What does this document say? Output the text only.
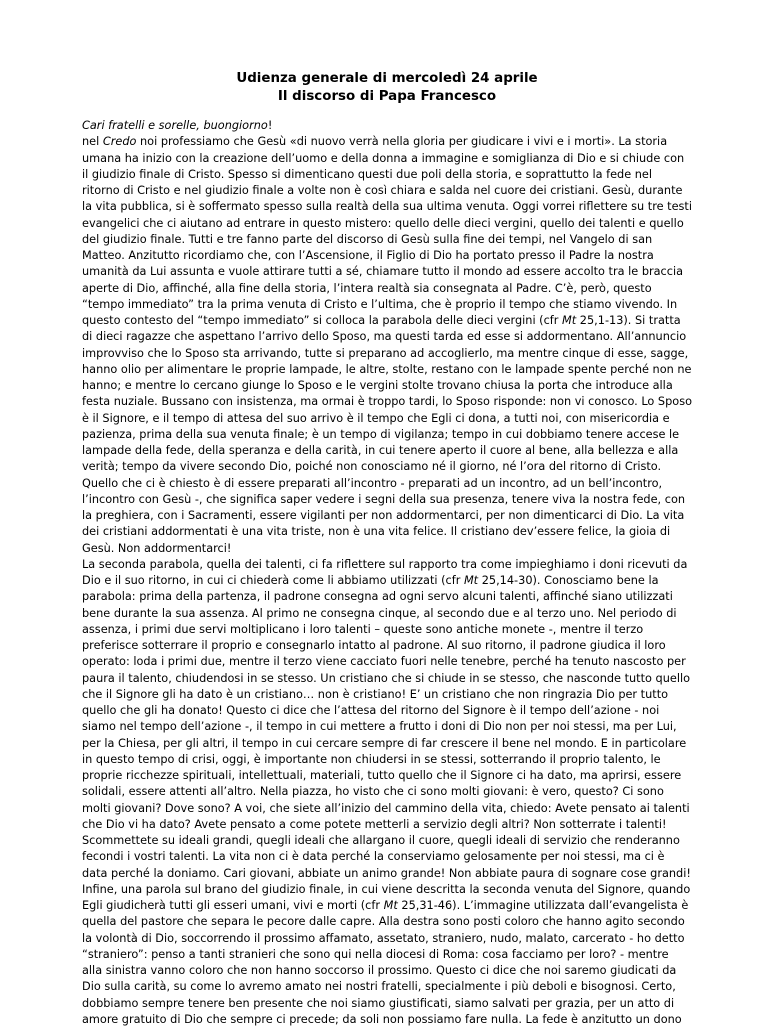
Udienza generale di mercoledì 24 aprile
Il discorso di Papa Francesco

Cari fratelli e sorelle, buongiorno!

nel Credo noi professiamo che Gesù «di nuovo verrà nella gloria per giudicare i vivi e i morti». La storia umana ha inizio con la creazione dell’uomo e della donna a immagine e somiglianza di Dio e si chiude con il giudizio finale di Cristo. Spesso si dimenticano questi due poli della storia, e soprattutto la fede nel ritorno di Cristo e nel giudizio finale a volte non è così chiara e salda nel cuore dei cristiani. Gesù, durante la vita pubblica, si è soffermato spesso sulla realtà della sua ultima venuta. Oggi vorrei riflettere su tre testi evangelici che ci aiutano ad entrare in questo mistero: quello delle dieci vergini, quello dei talenti e quello del giudizio finale. Tutti e tre fanno parte del discorso di Gesù sulla fine dei tempi, nel Vangelo di san Matteo. Anzitutto ricordiamo che, con l’Ascensione, il Figlio di Dio ha portato presso il Padre la nostra umanità da Lui assunta e vuole attirare tutti a sé, chiamare tutto il mondo ad essere accolto tra le braccia aperte di Dio, affinché, alla fine della storia, l’intera realtà sia consegnata al Padre. C’è, però, questo “tempo immediato” tra la prima venuta di Cristo e l’ultima, che è proprio il tempo che stiamo vivendo. In questo contesto del “tempo immediato” si colloca la parabola delle dieci vergini (cfr Mt 25,1-13). Si tratta di dieci ragazze che aspettano l’arrivo dello Sposo, ma questi tarda ed esse si addormentano. All’annuncio improvviso che lo Sposo sta arrivando, tutte si preparano ad accoglierlo, ma mentre cinque di esse, sagge, hanno olio per alimentare le proprie lampade, le altre, stolte, restano con le lampade spente perché non ne hanno; e mentre lo cercano giunge lo Sposo e le vergini stolte trovano chiusa la porta che introduce alla festa nuziale. Bussano con insistenza, ma ormai è troppo tardi, lo Sposo risponde: non vi conosco. Lo Sposo è il Signore, e il tempo di attesa del suo arrivo è il tempo che Egli ci dona, a tutti noi, con misericordia e pazienza, prima della sua venuta finale; è un tempo di vigilanza; tempo in cui dobbiamo tenere accese le lampade della fede, della speranza e della carità, in cui tenere aperto il cuore al bene, alla bellezza e alla verità; tempo da vivere secondo Dio, poiché non conosciamo né il giorno, né l’ora del ritorno di Cristo. Quello che ci è chiesto è di essere preparati all’incontro - preparati ad un incontro, ad un bell’incontro, l’incontro con Gesù -, che significa saper vedere i segni della sua presenza, tenere viva la nostra fede, con la preghiera, con i Sacramenti, essere vigilanti per non addormentarci, per non dimenticarci di Dio. La vita dei cristiani addormentati è una vita triste, non è una vita felice. Il cristiano dev’essere felice, la gioia di Gesù. Non addormentarci!

La seconda parabola, quella dei talenti, ci fa riflettere sul rapporto tra come impieghiamo i doni ricevuti da Dio e il suo ritorno, in cui ci chiederà come li abbiamo utilizzati (cfr Mt 25,14-30). Conosciamo bene la parabola: prima della partenza, il padrone consegna ad ogni servo alcuni talenti, affinché siano utilizzati bene durante la sua assenza. Al primo ne consegna cinque, al secondo due e al terzo uno. Nel periodo di assenza, i primi due servi moltiplicano i loro talenti – queste sono antiche monete -, mentre il terzo preferisce sotterrare il proprio e consegnarlo intatto al padrone. Al suo ritorno, il padrone giudica il loro operato: loda i primi due, mentre il terzo viene cacciato fuori nelle tenebre, perché ha tenuto nascosto per paura il talento, chiudendosi in se stesso. Un cristiano che si chiude in se stesso, che nasconde tutto quello che il Signore gli ha dato è un cristiano… non è cristiano! E’ un cristiano che non ringrazia Dio per tutto quello che gli ha donato! Questo ci dice che l’attesa del ritorno del Signore è il tempo dell’azione - noi siamo nel tempo dell’azione -, il tempo in cui mettere a frutto i doni di Dio non per noi stessi, ma per Lui, per la Chiesa, per gli altri, il tempo in cui cercare sempre di far crescere il bene nel mondo. E in particolare in questo tempo di crisi, oggi, è importante non chiudersi in se stessi, sotterrando il proprio talento, le proprie ricchezze spirituali, intellettuali, materiali, tutto quello che il Signore ci ha dato, ma aprirsi, essere solidali, essere attenti all’altro. Nella piazza, ho visto che ci sono molti giovani: è vero, questo? Ci sono molti giovani? Dove sono? A voi, che siete all’inizio del cammino della vita, chiedo: Avete pensato ai talenti che Dio vi ha dato? Avete pensato a come potete metterli a servizio degli altri? Non sotterrate i talenti! Scommettete su ideali grandi, quegli ideali che allargano il cuore, quegli ideali di servizio che renderanno fecondi i vostri talenti. La vita non ci è data perché la conserviamo gelosamente per noi stessi, ma ci è data perché la doniamo. Cari giovani, abbiate un animo grande! Non abbiate paura di sognare cose grandi!

Infine, una parola sul brano del giudizio finale, in cui viene descritta la seconda venuta del Signore, quando Egli giudicherà tutti gli esseri umani, vivi e morti (cfr Mt 25,31-46). L’immagine utilizzata dall’evangelista è quella del pastore che separa le pecore dalle capre. Alla destra sono posti coloro che hanno agito secondo la volontà di Dio, soccorrendo il prossimo affamato, assetato, straniero, nudo, malato, carcerato - ho detto “straniero”: penso a tanti stranieri che sono qui nella diocesi di Roma: cosa facciamo per loro? - mentre alla sinistra vanno coloro che non hanno soccorso il prossimo. Questo ci dice che noi saremo giudicati da Dio sulla carità, su come lo avremo amato nei nostri fratelli, specialmente i più deboli e bisognosi. Certo, dobbiamo sempre tenere ben presente che noi siamo giustificati, siamo salvati per grazia, per un atto di amore gratuito di Dio che sempre ci precede; da soli non possiamo fare nulla. La fede è anzitutto un dono
